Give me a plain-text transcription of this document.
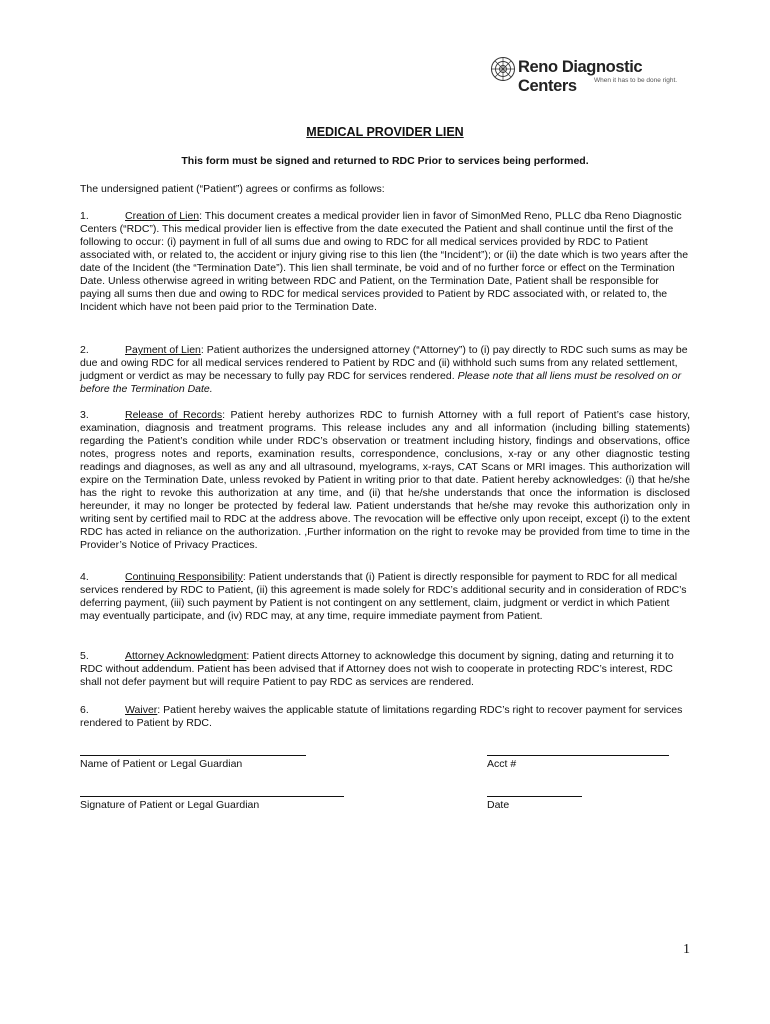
Reno Diagnostic Centers	When it has to be done right.
MEDICAL PROVIDER LIEN
This form must be signed and returned to RDC Prior to services being performed.
The undersigned patient (“Patient”) agrees or confirms as follows:

1.	Creation of Lien: This document creates a medical provider lien in favor of SimonMed Reno, PLLC dba Reno Diagnostic Centers (“RDC”). This medical provider lien is effective from the date executed the Patient and shall continue until the first of the following to occur: (i) payment in full of all sums due and owing to RDC for all medical services provided by RDC to Patient associated with, or related to, the accident or injury giving rise to this lien (the “Incident”); or (ii) the date which is two years after the date of the Incident (the “Termination Date”). This lien shall terminate, be void and of no further force or effect on the Termination Date. Unless otherwise agreed in writing between RDC and Patient, on the Termination Date, Patient shall be responsible for paying all sums then due and owing to RDC for medical services provided to Patient by RDC associated with, or related to, the Incident which have not been paid prior to the Termination Date.

2.	Payment of Lien: Patient authorizes the undersigned attorney (“Attorney”) to (i) pay directly to RDC such sums as may be due and owing RDC for all medical services rendered to Patient by RDC and (ii) withhold such sums from any related settlement, judgment or verdict as may be necessary to fully pay RDC for services rendered. Please note that all liens must be resolved on or before the Termination Date.

3.	Release of Records: Patient hereby authorizes RDC to furnish Attorney with a full report of Patient’s case history, examination, diagnosis and treatment programs. This release includes any and all information (including billing statements) regarding the Patient’s condition while under RDC’s observation or treatment including history, findings and observations, office notes, progress notes and reports, examination results, correspondence, conclusions, x-ray or any other diagnostic testing readings and diagnoses, as well as any and all ultrasound, myelograms, x-rays, CAT Scans or MRI images. This authorization will expire on the Termination Date, unless revoked by Patient in writing prior to that date. Patient hereby acknowledges: (i) that he/she has the right to revoke this authorization at any time, and (ii) that he/she understands that once the information is disclosed hereunder, it may no longer be protected by federal law. Patient understands that he/she may revoke this authorization only in writing sent by certified mail to RDC at the address above. The revocation will be effective only upon receipt, except (i) to the extent RDC has acted in reliance on the authorization. ,Further information on the right to revoke may be provided from time to time in the Provider’s Notice of Privacy Practices.

4.	Continuing Responsibility: Patient understands that (i) Patient is directly responsible for payment to RDC for all medical services rendered by RDC to Patient, (ii) this agreement is made solely for RDC’s additional security and in consideration of RDC’s deferring payment, (iii) such payment by Patient is not contingent on any settlement, claim, judgment or verdict in which Patient may eventually participate, and (iv) RDC may, at any time, require immediate payment from Patient.

5.	Attorney Acknowledgment: Patient directs Attorney to acknowledge this document by signing, dating and returning it to RDC without addendum. Patient has been advised that if Attorney does not wish to cooperate in protecting RDC’s interest, RDC shall not defer payment but will require Patient to pay RDC as services are rendered.

6.	Waiver: Patient hereby waives the applicable statute of limitations regarding RDC’s right to recover payment for services rendered to Patient by RDC.

Name of Patient or Legal Guardian	Acct #
Signature of Patient or Legal Guardian	Date
1
